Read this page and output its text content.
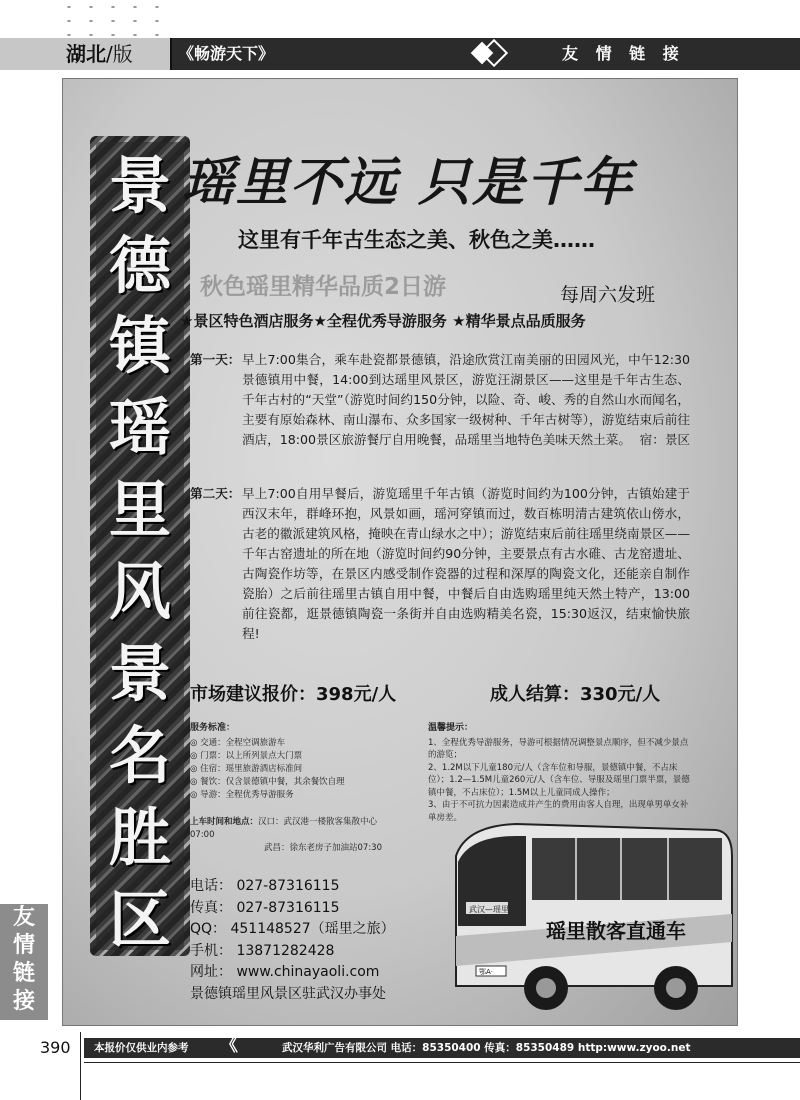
湖北/版	《畅游天下》	友 情 链 接
景
德
镇
瑶
里
风
景
名
胜
区
瑶里不远 只是千年
这里有千年古生态之美、秋色之美……
秋色瑶里精华品质2日游	每周六发班
★景区特色酒店服务★全程优秀导游服务 ★精华景点品质服务
第一天： 早上7:00集合，乘车赴瓷都景德镇，沿途欣赏江南美丽的田园风光，中午12:30景德镇用中餐，14:00到达瑶里风景区，游览汪湖景区——这里是千年古生态、千年古村的“天堂”（游览时间约150分钟，以险、奇、峻、秀的自然山水而闻名，主要有原始森林、南山瀑布、众多国家一级树种、千年古树等），游览结束后前往酒店，18:00景区旅游餐厅自用晚餐，品瑶里当地特色美味天然土菜。 宿：景区
第二天： 早上7:00自用早餐后，游览瑶里千年古镇（游览时间约为100分钟，古镇始建于西汉末年，群峰环抱，风景如画，瑶河穿镇而过，数百栋明清古建筑依山傍水，古老的徽派建筑风格，掩映在青山绿水之中）；游览结束后前往瑶里绕南景区——千年古窑遗址的所在地（游览时间约90分钟，主要景点有古水碓、古龙窑遗址、古陶瓷作坊等，在景区内感受制作瓷器的过程和深厚的陶瓷文化，还能亲自制作瓷胎）之后前往瑶里古镇自用中餐，中餐后自由选购瑶里纯天然土特产，13:00前往瓷都，逛景德镇陶瓷一条街并自由选购精美名瓷，15:30返汉，结束愉快旅程!
市场建议报价：398元/人	成人结算：330元/人
服务标准：
◎ 交通：全程空调旅游车
◎ 门票：以上所列景点大门票
◎ 住宿：瑶里旅游酒店标准间
◎ 餐饮：仅含景德镇中餐，其余餐饮自理
◎ 导游：全程优秀导游服务
上车时间和地点：汉口：武汉港一楼散客集散中心07:00
武昌：徐东老房子加油站07:30
温馨提示：
1、全程优秀导游服务，导游可根据情况调整景点顺序，但不减少景点的游览；
2、1.2M以下儿童180元/人（含车位和导服，景德镇中餐，不占床位）；1.2—1.5M儿童260元/人（含车位、导服及瑶里门票半票，景德镇中餐，不占床位）；1.5M以上儿童同成人操作；
3、由于不可抗力因素造成并产生的费用由客人自理，出现单男单女补单房差。
电话： 027-87316115
传真： 027-87316115
QQ： 451148527（瑶里之旅）
手机： 13871282428
网址： www.chinayaoli.com
景德镇瑶里风景区驻武汉办事处
瑶里散客直通车
武汉—瑶里
鄂A·
友
情
链
接
390 本报价仅供业内参考 《	武汉华利广告有限公司 电话：85350400 传真：85350489 http:www.zyoo.net
